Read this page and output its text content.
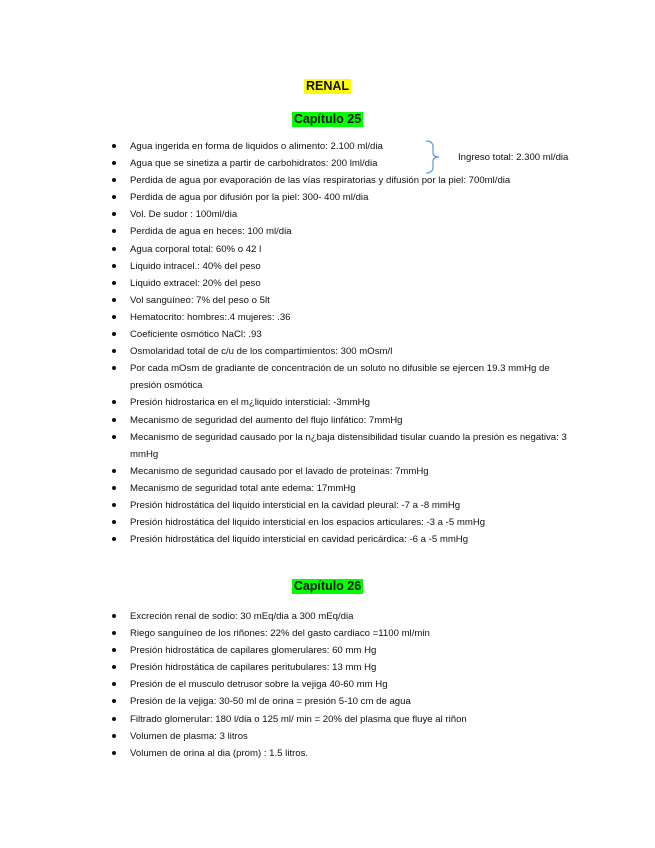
RENAL
Capítulo 25
Agua ingerida en forma de liquidos o alimento: 2.100 ml/dia
Agua que se sinetiza a partir de carbohidratos: 200 lml/dia
Perdida de agua por evaporación de las vías respiratorias y difusión por la piel: 700ml/dia
Perdida de agua por difusión por la piel: 300- 400 ml/dia
Vol. De sudor : 100ml/dia
Perdida de agua en heces: 100 ml/dia
Agua corporal total: 60% o 42 l
Liquido intracel.: 40% del peso
Liquido extracel: 20% del peso
Vol sanguíneo: 7% del peso o 5lt
Hematocrito: hombres:.4 mujeres: .36
Coeficiente osmótico NaCl: .93
Osmolaridad total de c/u de los compartimientos: 300 mOsm/l
Por cada mOsm de gradiante de concentración de un soluto no difusible se ejercen 19.3 mmHg de presión osmótica
Presión hidrostarica en el m¿liquido intersticial: -3mmHg
Mecanismo de seguridad del aumento del flujo linfático: 7mmHg
Mecanismo de seguridad causado por la n¿baja distensibilidad tisular cuando la presión es negativa: 3 mmHg
Mecanismo de seguridad causado por el lavado de proteínas: 7mmHg
Mecanismo de seguridad total ante edema: 17mmHg
Presión hidrostática del liquido intersticial en la cavidad pleural: -7 a -8 mmHg
Presión hidrostática del liquido intersticial en los espacios articulares: -3 a -5 mmHg
Presión hidrostática del liquido intersticial en cavidad pericárdica: -6 a -5 mmHg
Ingreso total: 2.300 ml/dia
Capítulo 26
Excreción renal de sodio: 30 mEq/dia a 300 mEq/dia
Riego sanguíneo de los riñones: 22% del gasto cardiaco =1100 ml/min
Presión hidrostática de capilares glomerulares: 60 mm Hg
Presión hidrostática de capilares peritubulares: 13 mm Hg
Presión de el musculo detrusor sobre la vejiga 40-60 mm Hg
Presión de la vejiga: 30-50 ml de orina = presión 5-10 cm de agua
Filtrado glomerular: 180 l/dia o 125 ml/ min = 20% del plasma que fluye al riñon
Volumen de plasma: 3 litros
Volumen de orina al dia (prom) : 1.5 litros.
